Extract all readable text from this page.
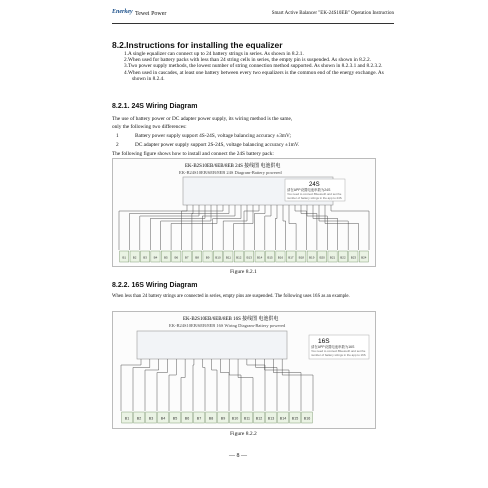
Enerkey Tewei Power	Smart Active Balancer "EK-24S10EB" Operation Instruction
8.2.Instructions for installing the equalizer

1.A single equalizer can connect up to 24 battery strings in series. As shown in 8.2.1.

2.When used for battery packs with less than 24 string cells in series, the empty pin is suspended. As shown in 8.2.2.

3.Two power supply methods, the lowest number of string connection method supported. As shown in 8.2.3.1 and 8.2.3.2.

4.When used in cascades, at least one battery between every two equalizers is the common end of the energy exchange. As shown in 8.2.4.

8.2.1. 24S Wiring Diagram
The use of battery power or DC adapter power supply, its wiring method is the same,
only the following two differences:
1	Battery power supply support 4S-24S, voltage balancing accuracy ±3mV;
2	DC adapter power supply support 2S-24S, voltage balancing accuracy ±1mV.
The following figure shows how to install and connect the 24S battery pack:
EK-B2S10EB/6EB/8EB 24S 接线图 电池供电
EK-B24S10EB/6EB/8EB 24S Diagram-Battery powered
24S
请在APP设置电池串数为24S
You need to connect Bluetooth and set the
number of battery strings in the app to 24S
B1 B2 B3 B4 B5 B6 B7 B8 B9 B10 B11 B12 B13 B14 B15 B16 B17 B18 B19 B20 B21 B22 B23 B24
Figure 8.2.1
8.2.2. 16S Wiring Diagram
When less than 24 battery strings are connected in series, empty pins are suspended. The following uses 16S as an example.
EK-B2S10EB/6EB/8EB 16S 接线图 电池供电
EK-B24S10EB/6EB/8EB 16S Wiring Diagram-Battery powered
16S
请在APP设置电池串数为16S
You need to connect Bluetooth and set the
number of battery strings in the app to 16S
B1 B2 B3 B4 B5 B6 B7 B8 B9 B10 B11 B12 B13 B14 B15 B16
Figure 8.2.2
— 8 —
